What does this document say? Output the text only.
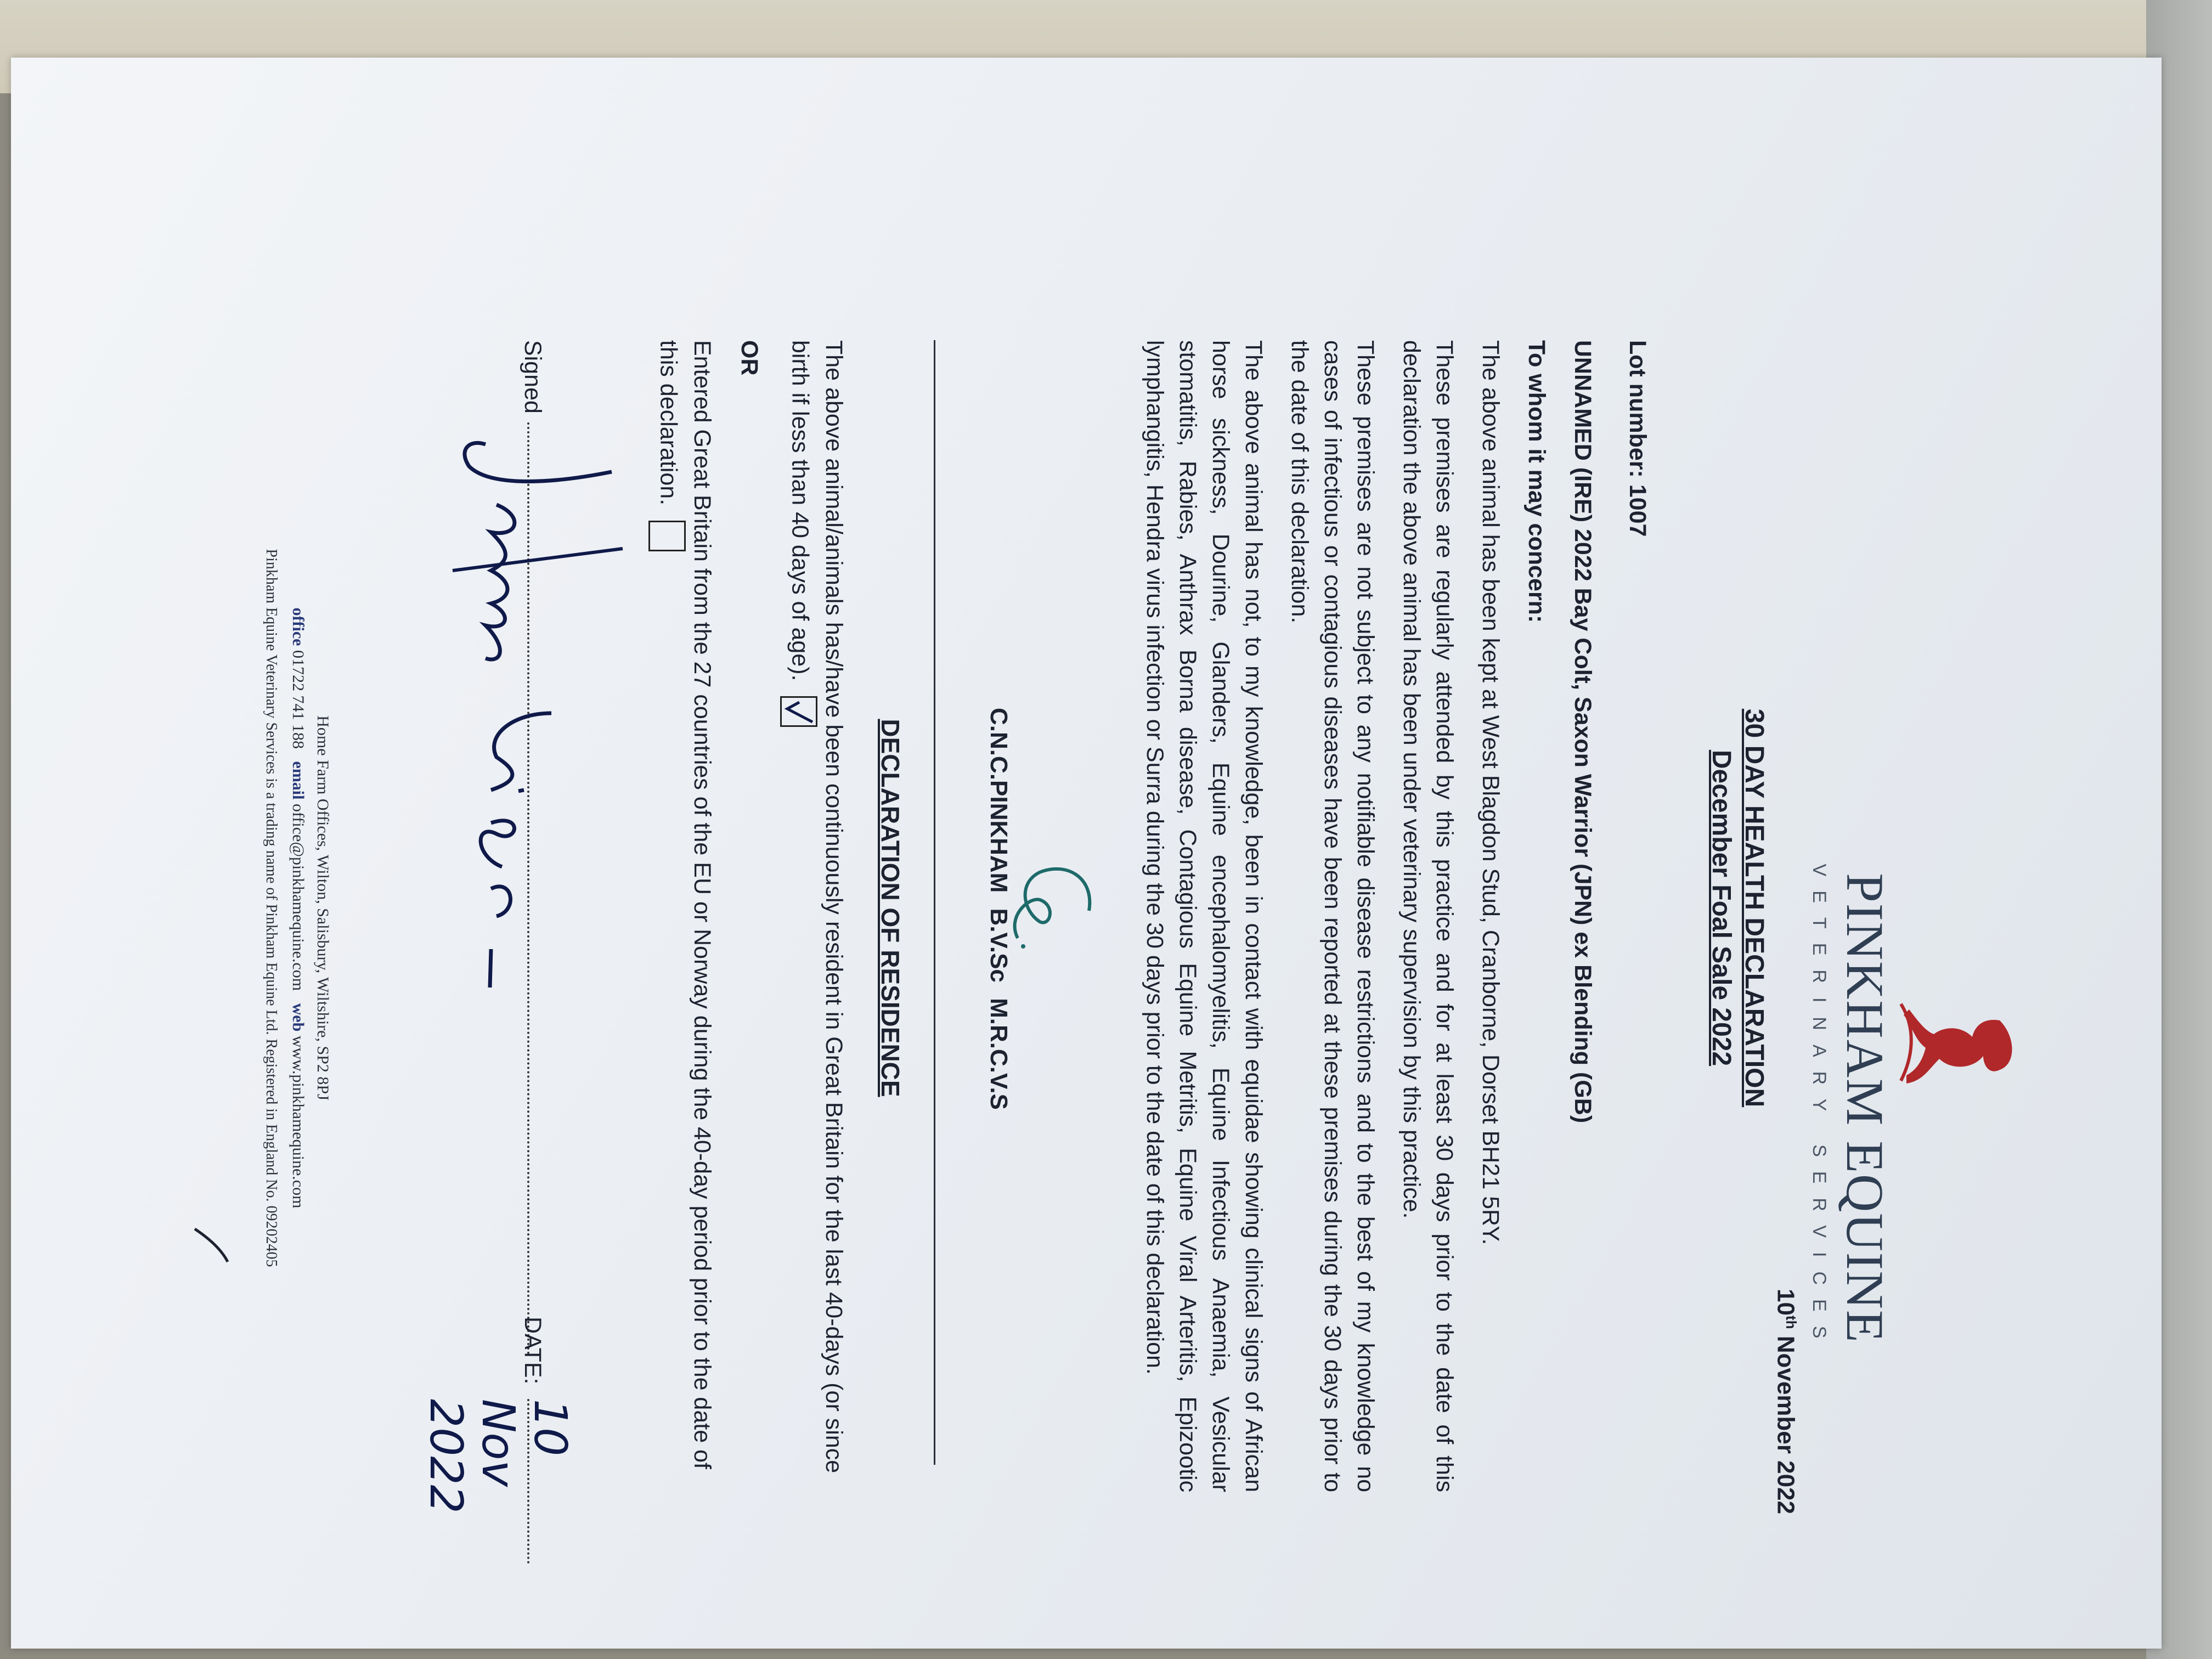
PINKHAM EQUINE
VETERINARY SERVICES
10th November 2022
30 DAY HEALTH DECLARATION
December Foal Sale 2022

Lot number: 1007

UNNAMED (IRE) 2022 Bay Colt, Saxon Warrior (JPN) ex Blending (GB)

To whom it may concern:

The above animal has been kept at West Blagdon Stud, Cranborne, Dorset BH21 5RY.

These premises are regularly attended by this practice and for at least 30 days prior to the date of this declaration the above animal has been under veterinary supervision by this practice.

These premises are not subject to any notifiable disease restrictions and to the best of my knowledge no cases of infectious or contagious diseases have been reported at these premises during the 30 days prior to the date of this declaration.

The above animal has not, to my knowledge, been in contact with equidae showing clinical signs of African horse sickness, Dourine, Glanders, Equine encephalomyelitis, Equine Infectious Anaemia, Vesicular stomatitis, Rabies, Anthrax Borna disease, Contagious Equine Metritis, Equine Viral Arteritis, Epizootic lymphangitis, Hendra virus infection or Surra during the 30 days prior to the date of this declaration.

C.N.C.PINKHAM B.V.Sc M.R.C.V.S
DECLARATION OF RESIDENCE

The above animal/animals has/have been continuously resident in Great Britain for the last 40-days (or since birth if less than 40 days of age).

OR

Entered Great Britain from the 27 countries of the EU or Norway during the 40-day period prior to the date of this declaration.

Signed
DATE:
10 Nov 2022
Home Farm Offices, Wilton, Salisbury, Wiltshire, SP2 8PJ
office 01722 741 188   email office@pinkhamequine.com   web www.pinkhamequine.com
Pinkham Equine Veterinary Services is a trading name of Pinkham Equine Ltd. Registered in England No. 09202405
